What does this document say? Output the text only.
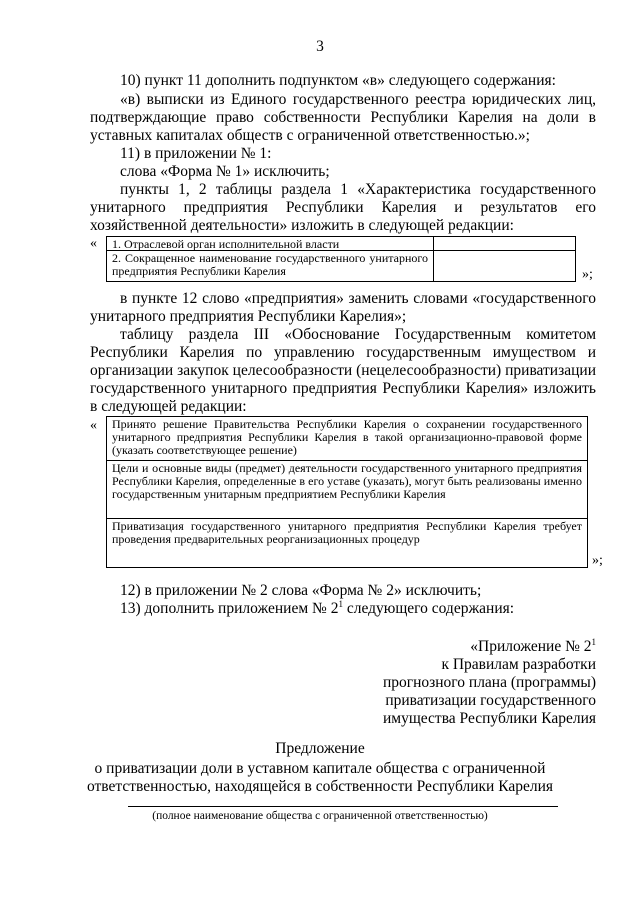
3
10) пункт 11 дополнить подпунктом «в» следующего содержания:
«в) выписки из Единого государственного реестра юридических лиц, подтверждающие право собственности Республики Карелия на доли в уставных капиталах обществ с ограниченной ответственностью.»;
11) в приложении № 1:
слова «Форма № 1» исключить;
пункты 1, 2 таблицы раздела 1 «Характеристика государственного унитарного предприятия Республики Карелия и результатов его хозяйственной деятельности» изложить в следующей редакции:
«	1. Отраслевой орган исполнительной власти
2. Сокращенное наименование государственного унитарного предприятия Республики Карелия	»;
в пункте 12 слово «предприятия» заменить словами «государственного унитарного предприятия Республики Карелия»;
таблицу раздела III «Обоснование Государственным комитетом Республики Карелия по управлению государственным имуществом и организации закупок целесообразности (нецелесообразности) приватизации государственного унитарного предприятия Республики Карелия» изложить в следующей редакции:
«	Принято решение Правительства Республики Карелия о сохранении государственного унитарного предприятия Республики Карелия в такой организационно-правовой форме (указать соответствующее решение)
Цели и основные виды (предмет) деятельности государственного унитарного предприятия Республики Карелия, определенные в его уставе (указать), могут быть реализованы именно государственным унитарным предприятием Республики Карелия
Приватизация государственного унитарного предприятия Республики Карелия требует проведения предварительных реорганизационных процедур
»;
12) в приложении № 2 слова «Форма № 2» исключить;
13) дополнить приложением № $2^1$ следующего содержания:
«Приложение № $2^1$
к Правилам разработки
прогнозного плана (программы)
приватизации государственного
имущества Республики Карелия
Предложение
о приватизации доли в уставном капитале общества с ограниченной
ответственностью, находящейся в собственности Республики Карелия
(полное наименование общества с ограниченной ответственностью)
